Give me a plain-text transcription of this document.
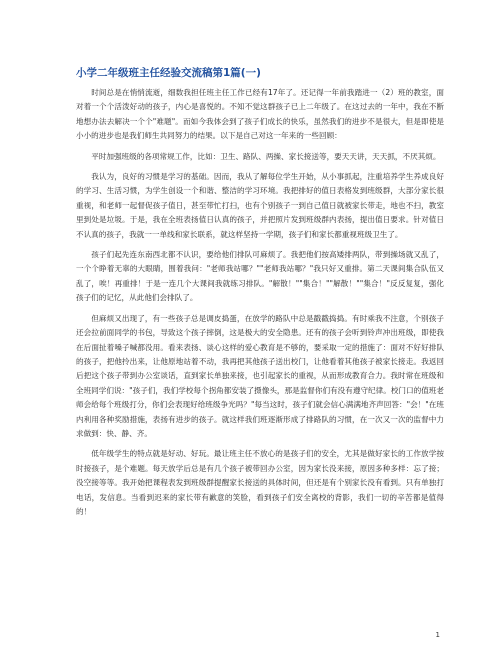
小学二年级班主任经验交流稿第1篇(一)

时间总是在悄悄流逝，细数我担任班主任工作已经有17年了。还记得一年前我踏进一（2）班的教室，面对着一个个活泼好动的孩子，内心是喜悦的。不知不觉这群孩子已上二年级了。在这过去的一年中，我在不断地想办法去解决一个个"难题"。而如今我体会到了孩子们成长的快乐，虽然我们的进步不是很大，但是即使是小小的进步也是我们师生共同努力的结果。以下是自己对这一年来的一些回顾：

平时加强班级的各项常规工作，比如：卫生、路队、两操、家长接送等，要天天讲，天天抓，不厌其烦。

我认为，良好的习惯是学习的基础。因而，我从了解每位学生开始，从小事抓起，注重培养学生养成良好的学习、生活习惯，为学生创设一个和谐、整洁的学习环境。我把排好的值日表格发到班级群，大部分家长很重视，和老师一起督促孩子值日，甚至带忙打扫，也有个别孩子一到自己值日就被家长带走，地也不扫，教室里到处是垃圾。于是，我在全班表扬值日认真的孩子，并把照片发到班级群内表扬，提出值日要求。针对值日不认真的孩子，我就一一单线和家长联系，就这样坚持一学期，孩子们和家长都重视班级卫生了。

孩子们起先连东南西北都不认识，要给他们排队可麻烦了。我把他们按高矮排两队，带到操场就又乱了，一个个睁着无辜的大眼睛，围着我问："老师我站哪？""老师我站哪？"我只好又重排。第二天课间集合队伍又乱了，唉！再重排！于是一连几个大课间我就练习排队。"解散！""集合！""解散！""集合！"反反复复，强化孩子们的记忆，从此他们会排队了。

但麻烦又出现了，有一些孩子总是调皮捣蛋，在放学的路队中总是戳戳捣捣。有时乘我不注意，个别孩子还会拉前面同学的书包，导致这个孩子摔倒，这是极大的安全隐患。还有的孩子会听到铃声冲出班级，即使我在后面扯着嗓子喊都没用。看来表扬、谈心这样的爱心教育是不够的，要采取一定的措施了：面对不好好排队的孩子，把他拎出来，让他原地站着不动，我再把其他孩子送出校门，让他看着其他孩子被家长接走。我返回后把这个孩子带到办公室谈话，直到家长单独来接，也引起家长的重视，从而形成教育合力。我时常在班级和全班同学们说："孩子们，我们学校每个拐角都安装了摄像头，那是监督你们有没有遵守纪律。校门口的值班老师会给每个班级打分，你们会表现好给班级争光吗？"每当这时，孩子们就会信心满满地齐声回答："会！"在班内利用各种奖励措施，表扬有进步的孩子。就这样我们班逐渐形成了排路队的习惯，在一次又一次的监督中力求做到：快、静、齐。

低年级学生的特点就是好动、好玩。最让班主任不放心的是孩子们的安全，尤其是做好家长的工作放学按时接孩子，是个难题。每天放学后总是有几个孩子被带回办公室，因为家长没来接，原因多种多样：忘了接；没空接等等。我开始把课程表发到班级群提醒家长接送的具体时间，但还是有个别家长没有看到。只有单独打电话，发信息。当看到迟来的家长带有歉意的笑脸，看到孩子们安全离校的背影，我们一切的辛苦都是值得的！

1
